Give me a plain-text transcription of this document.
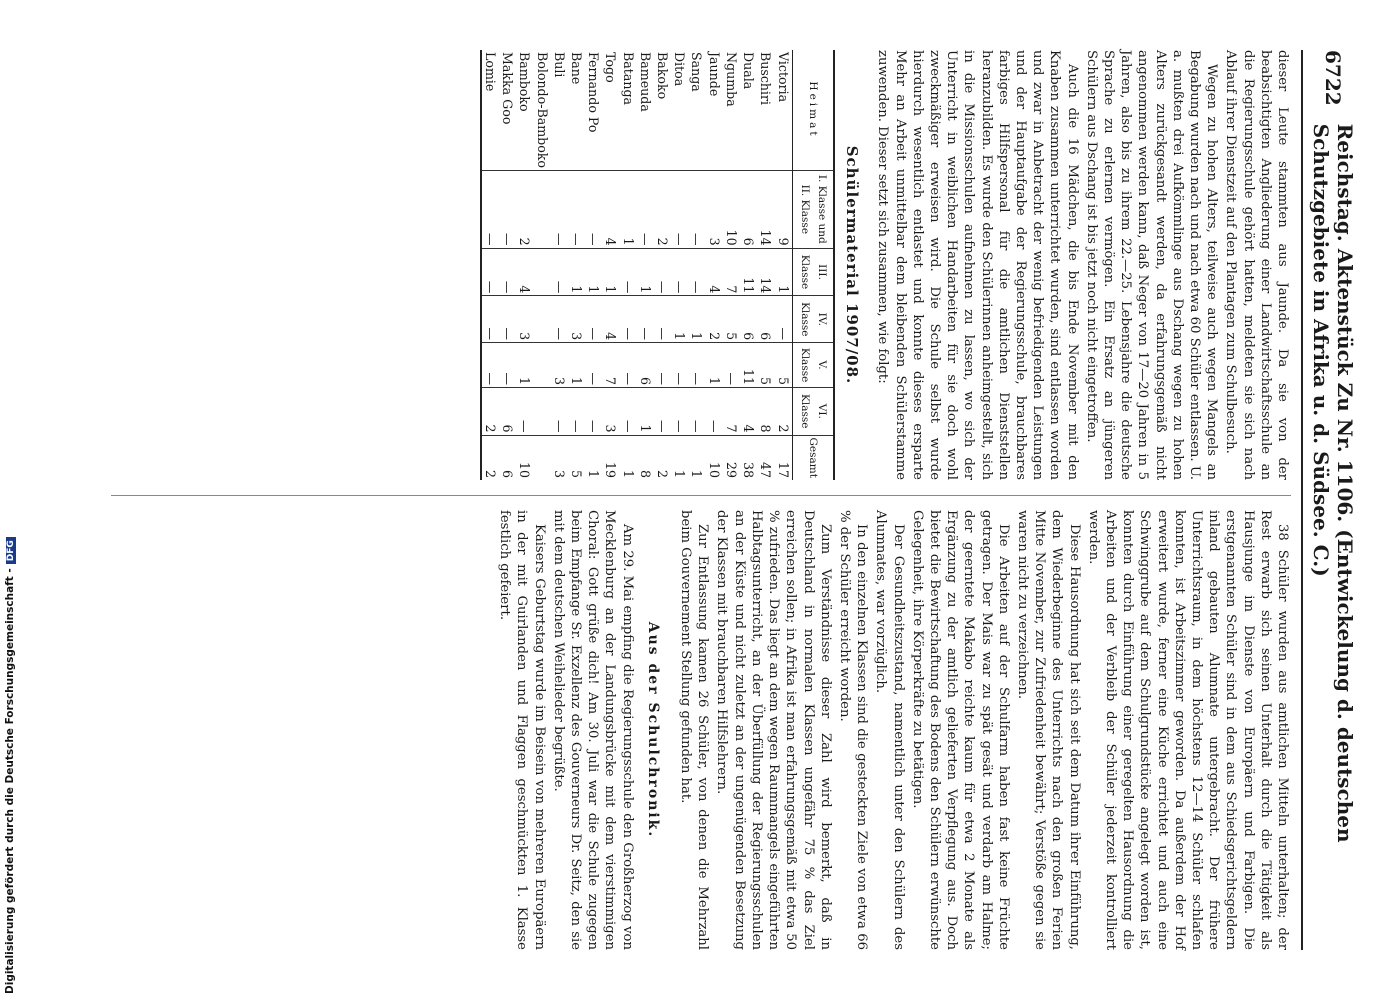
6722
Reichstag. Aktenstück Zu Nr. 1106. (Entwickelung d. deutschen Schutzgebiete in Afrika u. d. Südsee. C.)

dieser Leute stammten aus Jaunde. Da sie von der beabsichtigten Angliederung einer Landwirtschaftsschule an die Regierungsschule gehört hatten, meldeten sie sich nach Ablauf ihrer Dienstzeit auf den Plantagen zum Schulbesuch.

Wegen zu hohen Alters, teilweise auch wegen Mangels an Begabung wurden nach und nach etwa 60 Schüler entlassen. U. a. mußten drei Aufkömmlinge aus Dschang wegen zu hohen Alters zurückgesandt werden, da erfahrungsgemäß nicht angenommen werden kann, daß Neger von 17—20 Jahren in 5 Jahren, also bis zu ihrem 22.—25. Lebensjahre die deutsche Sprache zu erlernen vermögen. Ein Ersatz an jüngeren Schülern aus Dschang ist bis jetzt noch nicht eingetroffen.

Auch die 16 Mädchen, die bis Ende November mit den Knaben zusammen unterrichtet wurden, sind entlassen worden und zwar in Anbetracht der wenig befriedigenden Leistungen und der Hauptaufgabe der Regierungsschule, brauchbares farbiges Hilfspersonal für die amtlichen Dienststellen heranzubilden. Es wurde den Schülerinnen anheimgestellt, sich in die Missionsschulen aufnehmen zu lassen, wo sich der Unterricht in weiblichen Handarbeiten für sie doch wohl zweckmäßiger erweisen wird. Die Schule selbst wurde hierdurch wesentlich entlastet und konnte dieses ersparte Mehr an Arbeit unmittelbar dem bleibenden Schülerstamme zuwenden. Dieser setzt sich zusammen, wie folgt:

Schülermaterial 1907/08.
Heimat	I. Klasse und II. Klasse	III. Klasse	IV. Klasse	V. Klasse	VI. Klasse	Gesamt
Victoria	9	1	—	5	2	17
Buschiri	14	14	6	5	8	47
Duala	6	11	6	11	4	38
Ngumba	10	7	5	—	7	29
Jaunde	3	4	2	1	—	10
Sanga	—	—	1	—	—	1
Ditoa	—	—	1	—	—	1
Bakoko	2	—	—	—	—	2
Bameuda	—	1	—	6	1	8
Batanga	1	—	—	—	—	1
Togo	4	1	4	7	3	19
Fernando Po	—	1	—	—	—	1
Bane	—	1	3	1	—	5
Buli	—	—	—	3	—	3
Bolondo-Bamboko						
Bamboko	2	4	3	1	—	10
Makka Goo	—	—	—	—	6	6
Lomie	—	—	—	—	2	2

38 Schüler wurden aus amtlichen Mitteln unterhalten; der Rest erwarb sich seinen Unterhalt durch die Tätigkeit als Hausjunge im Dienste von Europäern und Farbigen. Die erstgenannten Schüler sind in dem aus Schiedsgerichtsgeldern inland gebauten Alumnate untergebracht. Der frühere Unterrichtsraum, in dem höchstens 12—14 Schüler schlafen konnten, ist Arbeitszimmer geworden. Da außerdem der Hof erweitert wurde, ferner eine Küche errichtet und auch eine Schwinggrube auf dem Schulgrundstücke angelegt worden ist, konnten durch Einführung einer geregelten Hausordnung die Arbeiten und der Verbleib der Schüler jederzeit kontrolliert werden.

Diese Hausordnung hat sich seit dem Datum ihrer Einführung, dem Wiederbeginne des Unterrichts nach den großen Ferien Mitte November, zur Zufriedenheit bewährt; Verstöße gegen sie waren nicht zu verzeichnen.

Die Arbeiten auf der Schulfarm haben fast keine Früchte getragen. Der Mais war zu spät gesät und verdarb am Halme; der geerntete Makabo reichte kaum für etwa 2 Monate als Ergänzung zu der amtlich gelieferten Verpflegung aus. Doch bietet die Bewirtschaftung des Bodens den Schülern erwünschte Gelegenheit, ihre Körperkräfte zu betätigen.

Der Gesundheitszustand, namentlich unter den Schülern des Alumnates, war vorzüglich.

In den einzelnen Klassen sind die gesteckten Ziele von etwa 66 % der Schüler erreicht worden.

Zum Verständnisse dieser Zahl wird bemerkt, daß in Deutschland in normalen Klassen ungefähr 75 % das Ziel erreichen sollen; in Afrika ist man erfahrungsgemäß mit etwa 50 % zufrieden. Das liegt an dem wegen Raummangels eingeführten Halbtagsunterricht, an der Überfüllung der Regierungsschulen an der Küste und nicht zuletzt an der ungenügenden Besetzung der Klassen mit brauchbaren Hilfslehrern.

Zur Entlassung kamen 26 Schüler, von denen die Mehrzahl beim Gouvernement Stellung gefunden hat.

Aus der Schulchronik.

Am 29. Mai empfing die Regierungsschule den Großherzog von Mecklenburg an der Landungsbrücke mit dem vierstimmigen Choral: Gott grüße dich! Am 30. Juli war die Schule zugegen beim Empfange Sr. Exzellenz des Gouverneurs Dr. Seitz, den sie mit dem deutschen Weihelieder begrüßte.

Kaisers Geburtstag wurde im Beisein von mehreren Europäern in der mit Guirlanden und Flaggen geschmückten 1. Klasse festlich gefeiert.

Digitalisierung gefördert durch die Deutsche Forschungsgemeinschaft -DFG
